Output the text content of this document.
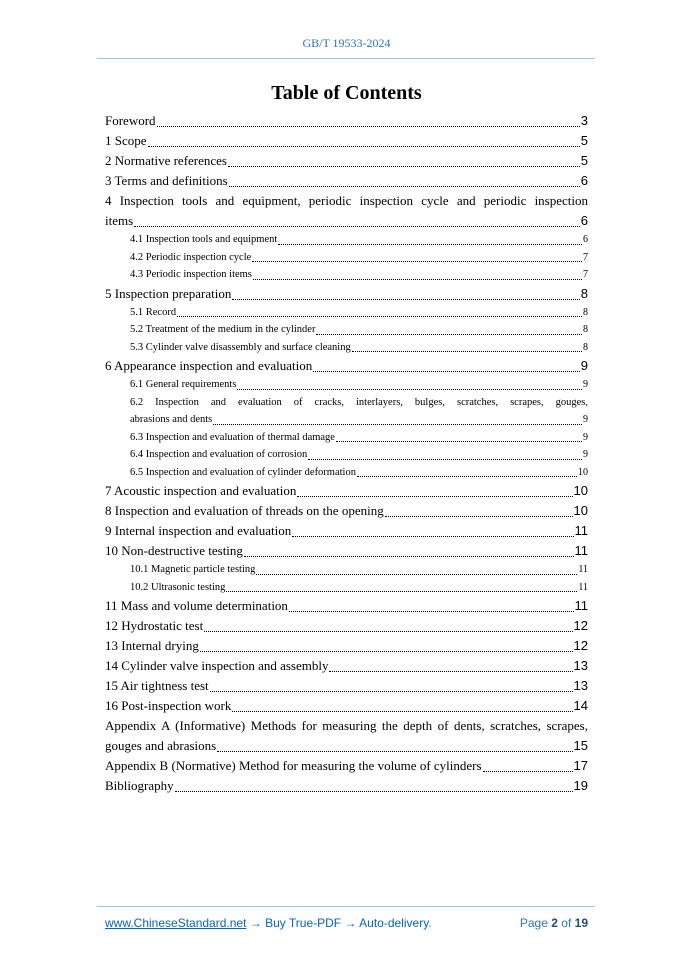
GB/T 19533-2024
Table of Contents
Foreword	3
1 Scope	5
2 Normative references	5
3 Terms and definitions	6
4 Inspection tools and equipment, periodic inspection cycle and periodic inspection
items	6
4.1 Inspection tools and equipment	6
4.2 Periodic inspection cycle	7
4.3 Periodic inspection items	7
5 Inspection preparation	8
5.1 Record	8
5.2 Treatment of the medium in the cylinder	8
5.3 Cylinder valve disassembly and surface cleaning	8
6 Appearance inspection and evaluation	9
6.1 General requirements	9
6.2 Inspection and evaluation of cracks, interlayers, bulges, scratches, scrapes, gouges,
abrasions and dents	9
6.3 Inspection and evaluation of thermal damage	9
6.4 Inspection and evaluation of corrosion	9
6.5 Inspection and evaluation of cylinder deformation	10
7 Acoustic inspection and evaluation	10
8 Inspection and evaluation of threads on the opening	10
9 Internal inspection and evaluation	11
10 Non-destructive testing	11
10.1 Magnetic particle testing	11
10.2 Ultrasonic testing	11
11 Mass and volume determination	11
12 Hydrostatic test	12
13 Internal drying	12
14 Cylinder valve inspection and assembly	13
15 Air tightness test	13
16 Post-inspection work	14
Appendix A (Informative) Methods for measuring the depth of dents, scratches, scrapes,
gouges and abrasions	15
Appendix B (Normative) Method for measuring the volume of cylinders	17
Bibliography	19
www.ChineseStandard.net → Buy True-PDF → Auto-delivery.	Page 2 of 19
